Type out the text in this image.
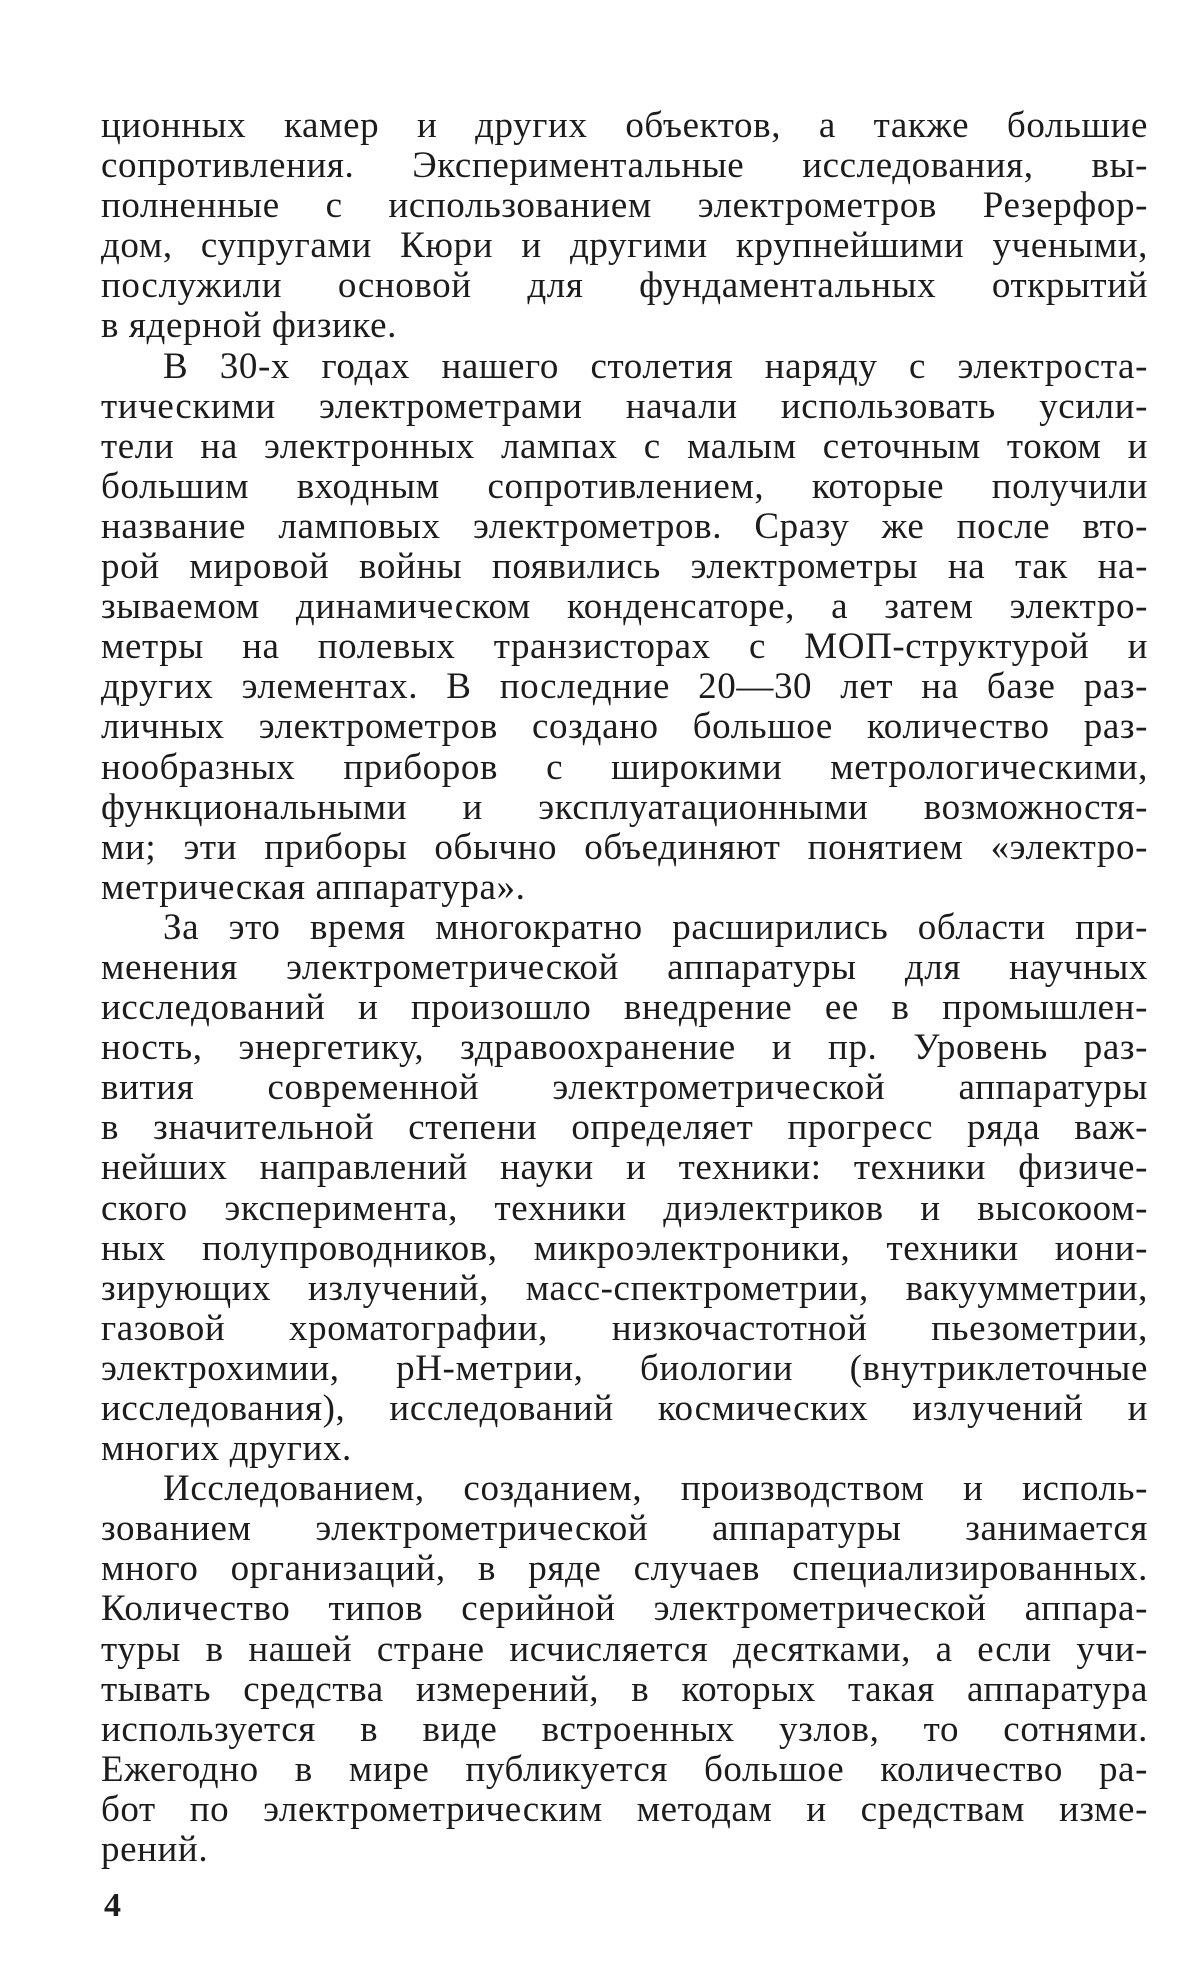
ционных камер и других объектов, а также большие
сопротивления. Экспериментальные исследования, вы-
полненные с использованием электрометров Резерфор-
дом, супругами Кюри и другими крупнейшими учеными,
послужили основой для фундаментальных открытий
в ядерной физике.
В 30-х годах нашего столетия наряду с электроста-
тическими электрометрами начали использовать усили-
тели на электронных лампах с малым сеточным током и
большим входным сопротивлением, которые получили
название ламповых электрометров. Сразу же после вто-
рой мировой войны появились электрометры на так на-
зываемом динамическом конденсаторе, а затем электро-
метры на полевых транзисторах с МОП-структурой и
других элементах. В последние 20—30 лет на базе раз-
личных электрометров создано большое количество раз-
нообразных приборов с широкими метрологическими,
функциональными и эксплуатационными возможностя-
ми; эти приборы обычно объединяют понятием «электро-
метрическая аппаратура».
За это время многократно расширились области при-
менения электрометрической аппаратуры для научных
исследований и произошло внедрение ее в промышлен-
ность, энергетику, здравоохранение и пр. Уровень раз-
вития современной электрометрической аппаратуры
в значительной степени определяет прогресс ряда важ-
нейших направлений науки и техники: техники физиче-
ского эксперимента, техники диэлектриков и высокоом-
ных полупроводников, микроэлектроники, техники иони-
зирующих излучений, масс-спектрометрии, вакуумметрии,
газовой хроматографии, низкочастотной пьезометрии,
электрохимии, рН-метрии, биологии (внутриклеточные
исследования), исследований космических излучений и
многих других.
Исследованием, созданием, производством и исполь-
зованием электрометрической аппаратуры занимается
много организаций, в ряде случаев специализированных.
Количество типов серийной электрометрической аппара-
туры в нашей стране исчисляется десятками, а если учи-
тывать средства измерений, в которых такая аппаратура
используется в виде встроенных узлов, то сотнями.
Ежегодно в мире публикуется большое количество ра-
бот по электрометрическим методам и средствам изме-
рений.
4
